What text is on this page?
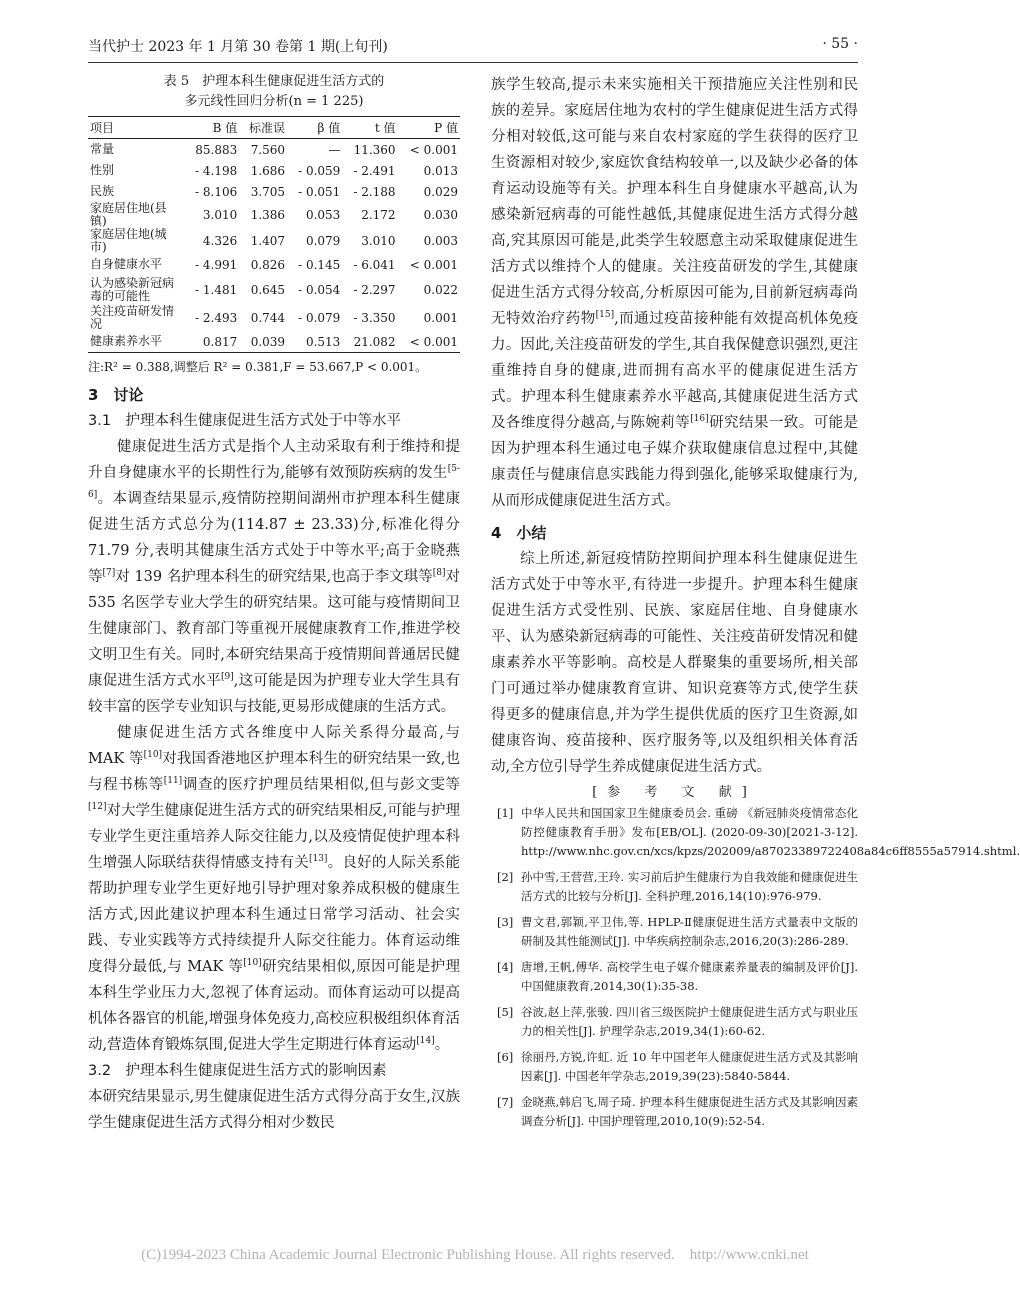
当代护士 2023 年 1 月第 30 卷第 1 期(上旬刊)	· 55 ·
表 5　护理本科生健康促进生活方式的
多元线性回归分析(n = 1 225)
项目	B 值	标准误	β 值	t 值	P 值
常量	85.883	7.560	—	11.360	< 0.001
性别	- 4.198	1.686	- 0.059	- 2.491	0.013
民族	- 8.106	3.705	- 0.051	- 2.188	0.029
家庭居住地(县镇)	3.010	1.386	0.053	2.172	0.030
家庭居住地(城市)	4.326	1.407	0.079	3.010	0.003
自身健康水平	- 4.991	0.826	- 0.145	- 6.041	< 0.001
认为感染新冠病毒的可能性	- 1.481	0.645	- 0.054	- 2.297	0.022
关注疫苗研发情况	- 2.493	0.744	- 0.079	- 3.350	0.001
健康素养水平	0.817	0.039	0.513	21.082	< 0.001
注:R² = 0.388,调整后 R² = 0.381,F = 53.667,P < 0.001。
3　讨论
3.1　护理本科生健康促进生活方式处于中等水平

健康促进生活方式是指个人主动采取有利于维持和提升自身健康水平的长期性行为,能够有效预防疾病的发生[5-6]。本调查结果显示,疫情防控期间湖州市护理本科生健康促进生活方式总分为(114.87 ± 23.33)分,标准化得分 71.79 分,表明其健康生活方式处于中等水平;高于金晓燕等[7]对 139 名护理本科生的研究结果,也高于李文琪等[8]对 535 名医学专业大学生的研究结果。这可能与疫情期间卫生健康部门、教育部门等重视开展健康教育工作,推进学校文明卫生有关。同时,本研究结果高于疫情期间普通居民健康促进生活方式水平[9],这可能是因为护理专业大学生具有较丰富的医学专业知识与技能,更易形成健康的生活方式。

健康促进生活方式各维度中人际关系得分最高,与 MAK 等[10]对我国香港地区护理本科生的研究结果一致,也与程书栋等[11]调查的医疗护理员结果相似,但与彭文雯等[12]对大学生健康促进生活方式的研究结果相反,可能与护理专业学生更注重培养人际交往能力,以及疫情促使护理本科生增强人际联结获得情感支持有关[13]。良好的人际关系能帮助护理专业学生更好地引导护理对象养成积极的健康生活方式,因此建议护理本科生通过日常学习活动、社会实践、专业实践等方式持续提升人际交往能力。体育运动维度得分最低,与 MAK 等[10]研究结果相似,原因可能是护理本科生学业压力大,忽视了体育运动。而体育运动可以提高机体各器官的机能,增强身体免疫力,高校应积极组织体育活动,营造体育锻炼氛围,促进大学生定期进行体育运动[14]。

3.2　护理本科生健康促进生活方式的影响因素

本研究结果显示,男生健康促进生活方式得分高于女生,汉族学生健康促进生活方式得分相对少数民

族学生较高,提示未来实施相关干预措施应关注性别和民族的差异。家庭居住地为农村的学生健康促进生活方式得分相对较低,这可能与来自农村家庭的学生获得的医疗卫生资源相对较少,家庭饮食结构较单一,以及缺少必备的体育运动设施等有关。护理本科生自身健康水平越高,认为感染新冠病毒的可能性越低,其健康促进生活方式得分越高,究其原因可能是,此类学生较愿意主动采取健康促进生活方式以维持个人的健康。关注疫苗研发的学生,其健康促进生活方式得分较高,分析原因可能为,目前新冠病毒尚无特效治疗药物[15],而通过疫苗接种能有效提高机体免疫力。因此,关注疫苗研发的学生,其自我保健意识强烈,更注重维持自身的健康,进而拥有高水平的健康促进生活方式。护理本科生健康素养水平越高,其健康促进生活方式及各维度得分越高,与陈婉莉等[16]研究结果一致。可能是因为护理本科生通过电子媒介获取健康信息过程中,其健康责任与健康信息实践能力得到强化,能够采取健康行为,从而形成健康促进生活方式。

4　小结

综上所述,新冠疫情防控期间护理本科生健康促进生活方式处于中等水平,有待进一步提升。护理本科生健康促进生活方式受性别、民族、家庭居住地、自身健康水平、认为感染新冠病毒的可能性、关注疫苗研发情况和健康素养水平等影响。高校是人群聚集的重要场所,相关部门可通过举办健康教育宣讲、知识竞赛等方式,使学生获得更多的健康信息,并为学生提供优质的医疗卫生资源,如健康咨询、疫苗接种、医疗服务等,以及组织相关体育活动,全方位引导学生养成健康促进生活方式。

[参 考 文 献]
[1] 中华人民共和国国家卫生健康委员会. 重磅 《新冠肺炎疫情常态化防控健康教育手册》发布[EB/OL]. (2020-09-30)[2021-3-12]. http://www.nhc.gov.cn/xcs/kpzs/202009/a87023389722408a84c6ff8555a57914.shtml.
[2] 孙中雪,王营营,王玲. 实习前后护生健康行为自我效能和健康促进生活方式的比较与分析[J]. 全科护理,2016,14(10):976-979.
[3] 曹文君,郭颖,平卫伟,等. HPLP-Ⅱ健康促进生活方式量表中文版的研制及其性能测试[J]. 中华疾病控制杂志,2016,20(3):286-289.
[4] 唐增,王帆,傅华. 高校学生电子媒介健康素养量表的编制及评价[J]. 中国健康教育,2014,30(1):35-38.
[5] 谷波,赵上萍,张骏. 四川省三级医院护士健康促进生活方式与职业压力的相关性[J]. 护理学杂志,2019,34(1):60-62.
[6] 徐丽丹,方锐,许虹. 近 10 年中国老年人健康促进生活方式及其影响因素[J]. 中国老年学杂志,2019,39(23):5840-5844.
[7] 金晓燕,韩启飞,周子琦. 护理本科生健康促进生活方式及其影响因素调查分析[J]. 中国护理管理,2010,10(9):52-54.
(C)1994-2023 China Academic Journal Electronic Publishing House. All rights reserved.　http://www.cnki.net
